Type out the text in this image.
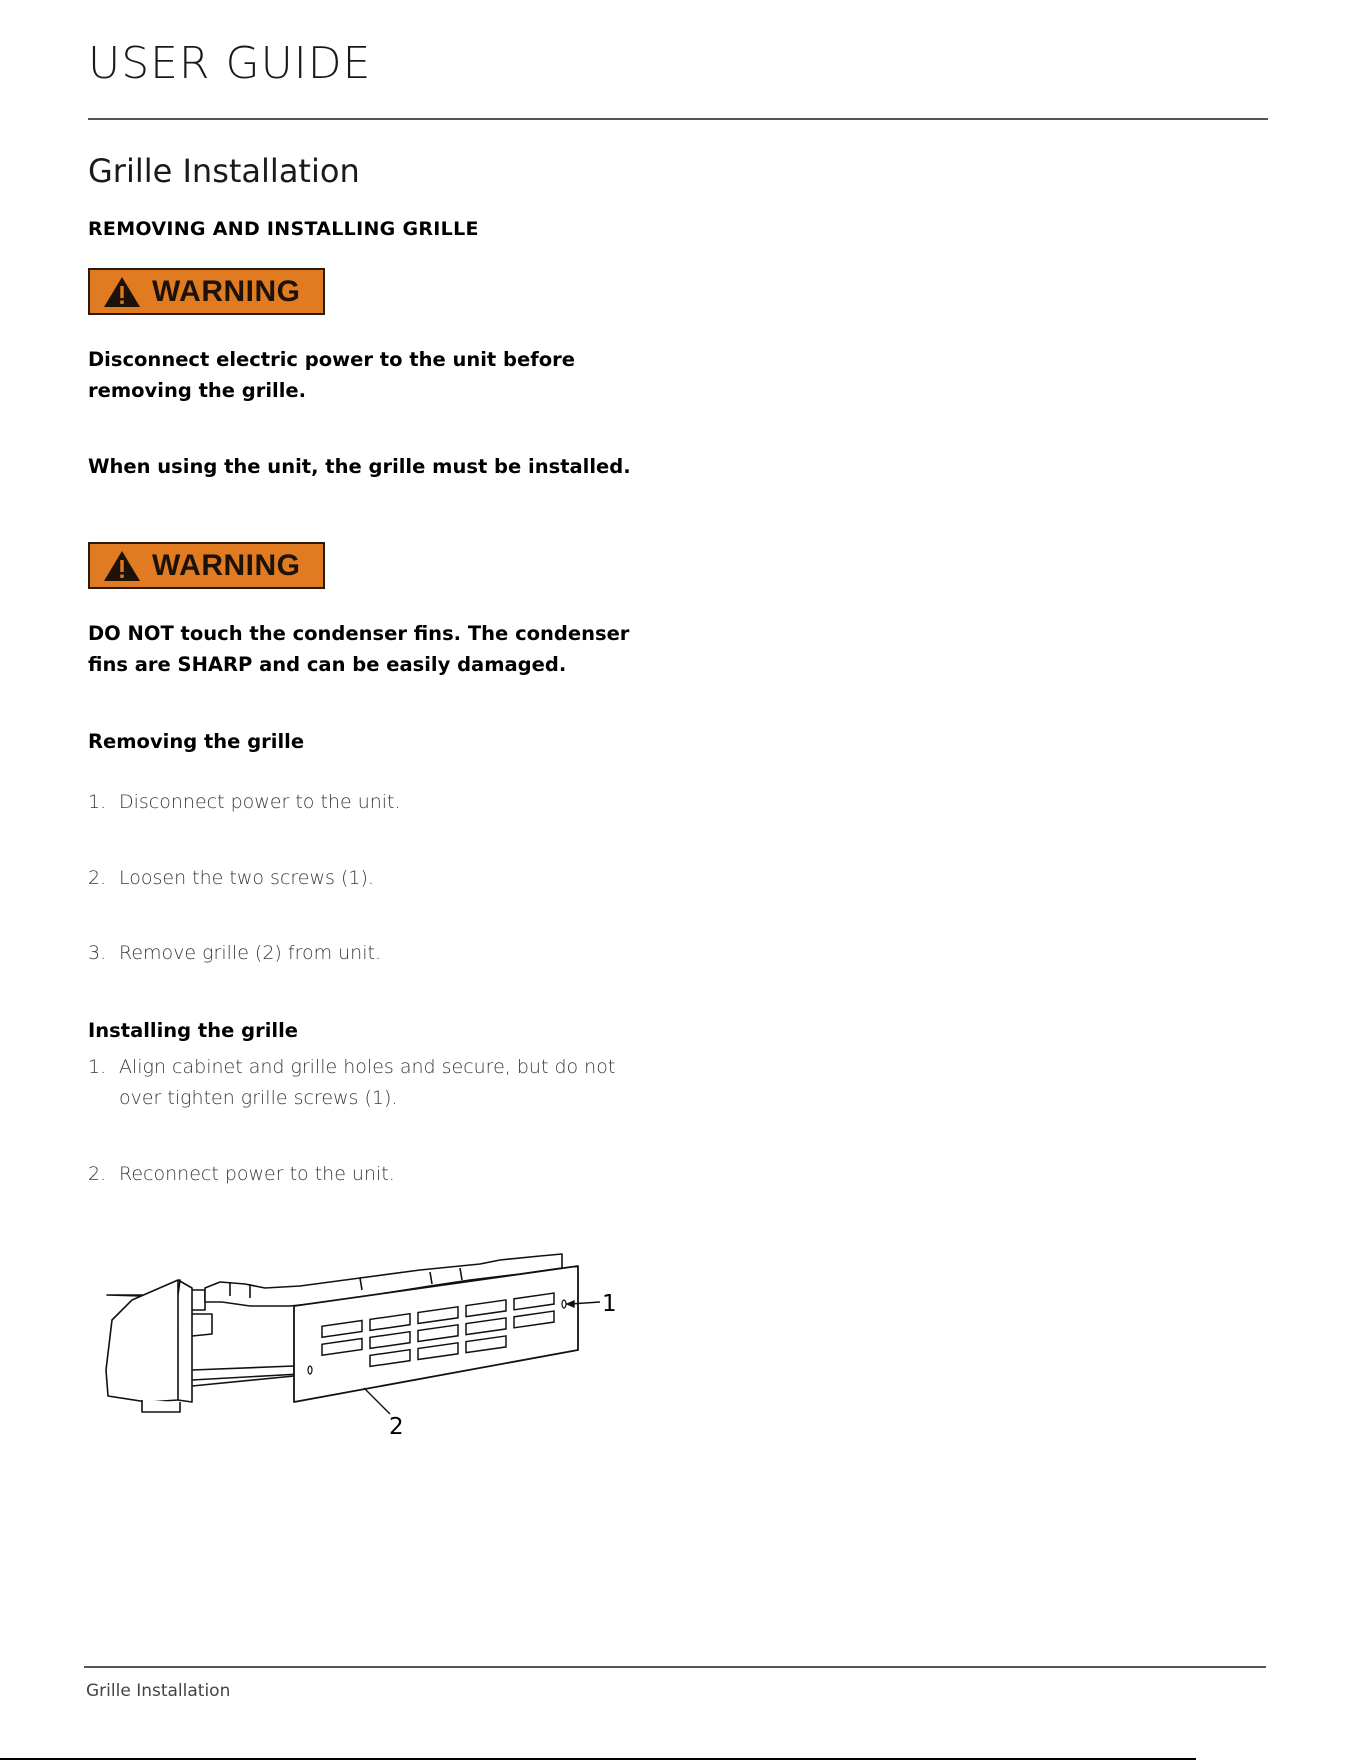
USER GUIDE
Grille Installation
REMOVING AND INSTALLING GRILLE
WARNING
Disconnect electric power to the unit before removing the grille.
When using the unit, the grille must be installed.
WARNING
DO NOT touch the condenser fins. The condenser fins are SHARP and can be easily damaged.
Removing the grille
1. Disconnect power to the unit.
2. Loosen the two screws (1).
3. Remove grille (2) from unit.
Installing the grille
1. Align cabinet and grille holes and secure, but do not over tighten grille screws (1).
2. Reconnect power to the unit.
1
2
Grille Installation
